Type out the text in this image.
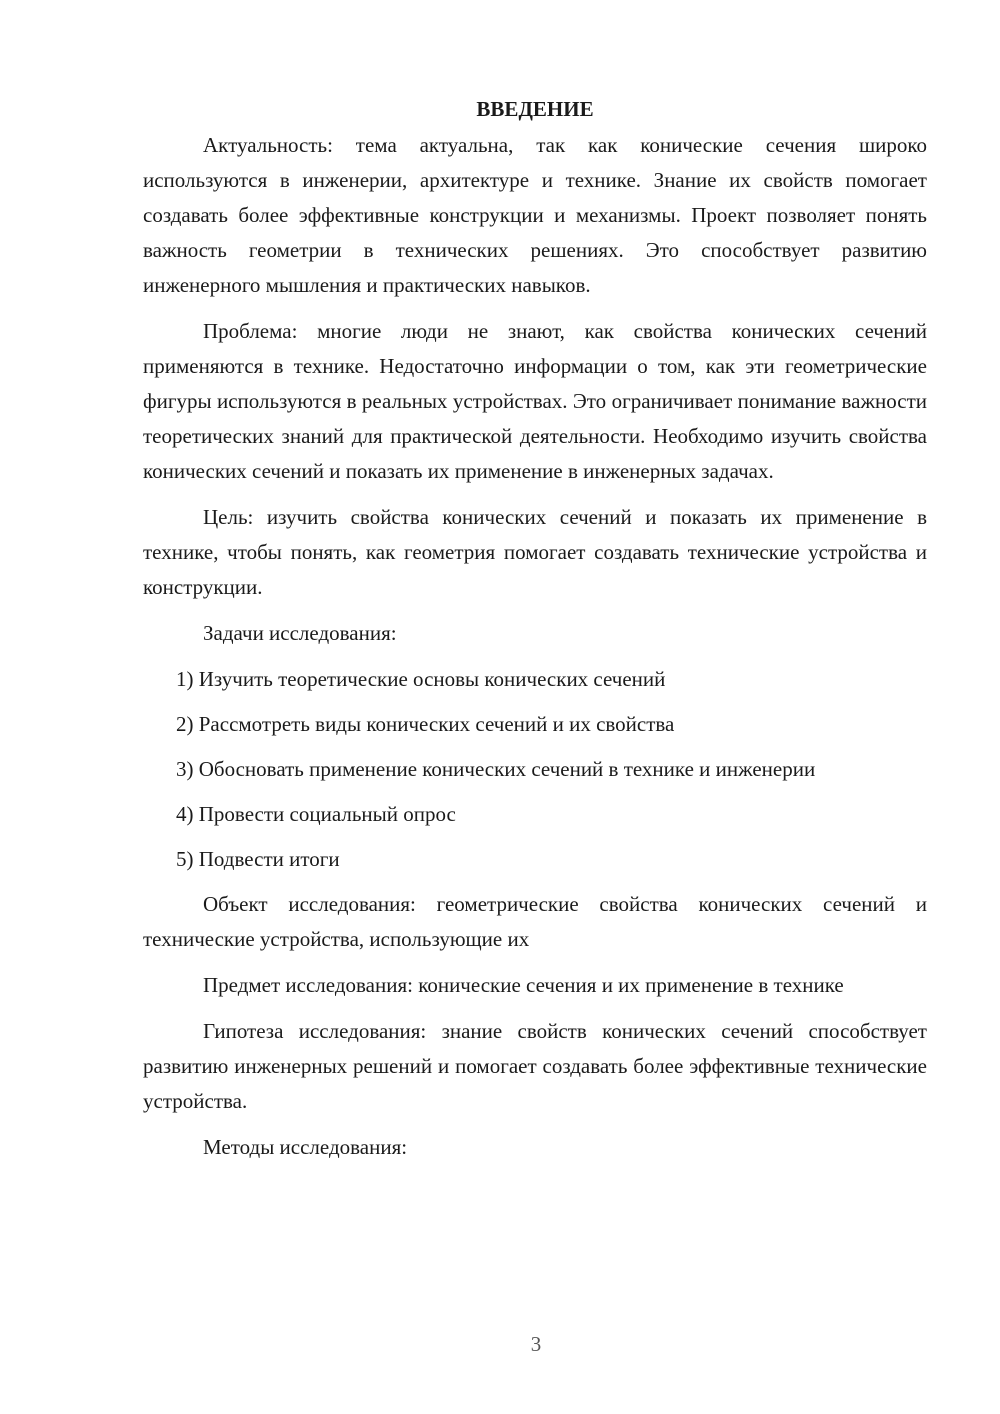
ВВЕДЕНИЕ

Актуальность: тема актуальна, так как конические сечения широко используются в инженерии, архитектуре и технике. Знание их свойств помогает создавать более эффективные конструкции и механизмы. Проект позволяет понять важность геометрии в технических решениях. Это способствует развитию инженерного мышления и практических навыков.

Проблема: многие люди не знают, как свойства конических сечений применяются в технике. Недостаточно информации о том, как эти геометрические фигуры используются в реальных устройствах. Это ограничивает понимание важности теоретических знаний для практической деятельности. Необходимо изучить свойства конических сечений и показать их применение в инженерных задачах.

Цель: изучить свойства конических сечений и показать их применение в технике, чтобы понять, как геометрия помогает создавать технические устройства и конструкции.

Задачи исследования:

1) Изучить теоретические основы конических сечений
2) Рассмотреть виды конических сечений и их свойства
3) Обосновать применение конических сечений в технике и инженерии
4) Провести социальный опрос
5) Подвести итоги

Объект исследования: геометрические свойства конических сечений и технические устройства, использующие их

Предмет исследования: конические сечения и их применение в технике

Гипотеза исследования: знание свойств конических сечений способствует развитию инженерных решений и помогает создавать более эффективные технические устройства.

Методы исследования:

3
